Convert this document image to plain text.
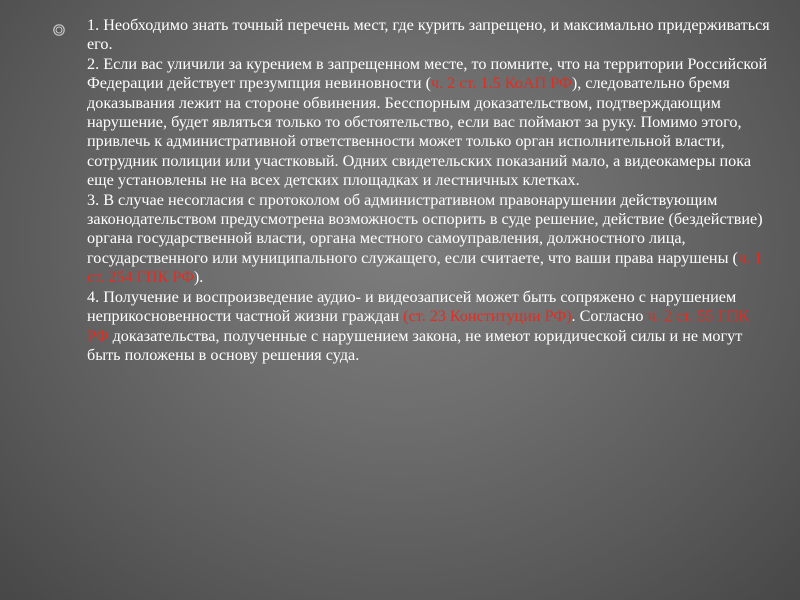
1. Необходимо знать точный перечень мест, где курить запрещено, и максимально придерживаться его.

2. Если вас уличили за курением в запрещенном месте, то помните, что на территории Российской Федерации действует презумпция невиновности (ч. 2 ст. 1.5 КоАП РФ), следовательно бремя доказывания лежит на стороне обвинения. Бесспорным доказательством, подтверждающим нарушение, будет являться только то обстоятельство, если вас поймают за руку. Помимо этого, привлечь к административной ответственности может только орган исполнительной власти, сотрудник полиции или участковый. Одних свидетельских показаний мало, а видеокамеры пока еще установлены не на всех детских площадках и лестничных клетках.

3. В случае несогласия с протоколом об административном правонарушении действующим законодательством предусмотрена возможность оспорить в суде решение, действие (бездействие) органа государственной власти, органа местного самоуправления, должностного лица, государственного или муниципального служащего, если считаете, что ваши права нарушены (ч. 1 ст. 254 ГПК РФ).

4. Получение и воспроизведение аудио- и видеозаписей может быть сопряжено с нарушением неприкосновенности частной жизни граждан (ст. 23 Конституции РФ). Согласно ч. 2 ст. 55 ГПК РФ доказательства, полученные с нарушением закона, не имеют юридической силы и не могут быть положены в основу решения суда.
